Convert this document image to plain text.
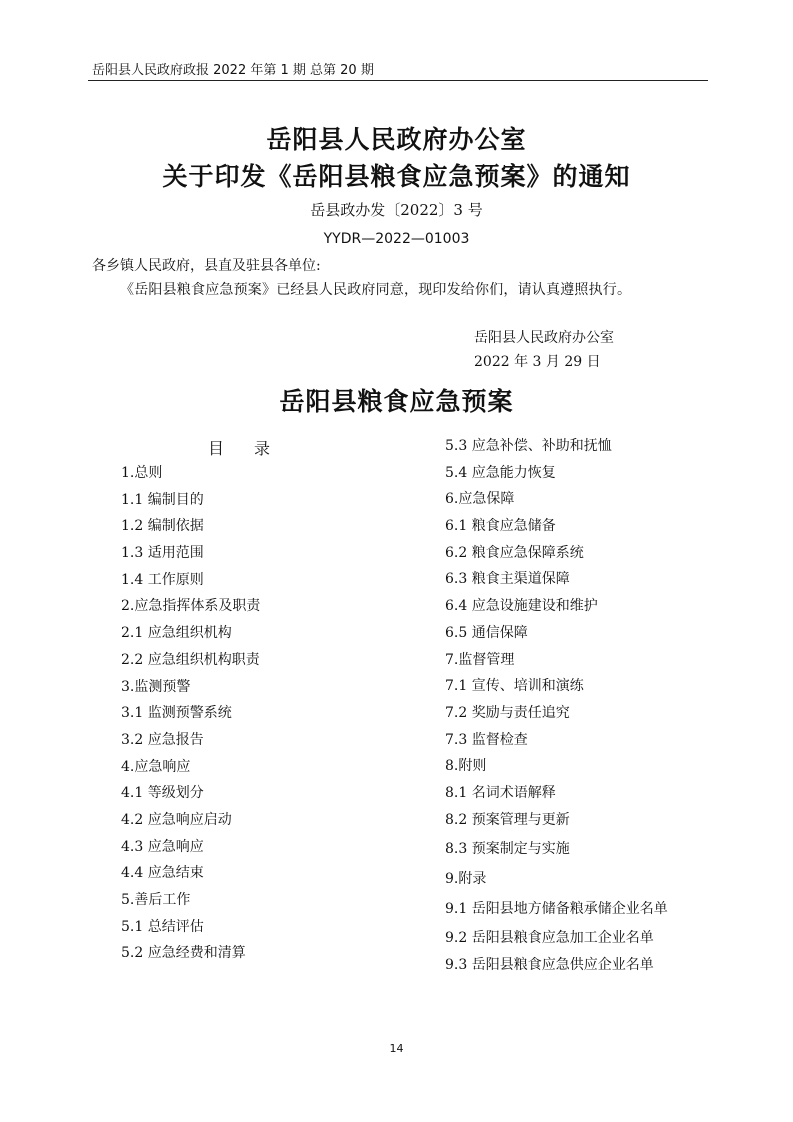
岳阳县人民政府政报 2022 年第 1 期 总第 20 期
岳阳县人民政府办公室
关于印发《岳阳县粮食应急预案》的通知
岳县政办发〔2022〕3 号
YYDR—2022—01003
各乡镇人民政府，县直及驻县各单位:
《岳阳县粮食应急预案》已经县人民政府同意，现印发给你们，请认真遵照执行。
岳阳县人民政府办公室
2022 年 3 月 29 日
岳阳县粮食应急预案
目录
1.总则
1.1 编制目的
1.2 编制依据
1.3 适用范围
1.4 工作原则
2.应急指挥体系及职责
2.1 应急组织机构
2.2 应急组织机构职责
3.监测预警
3.1 监测预警系统
3.2 应急报告
4.应急响应
4.1 等级划分
4.2 应急响应启动
4.3 应急响应
4.4 应急结束
5.善后工作
5.1 总结评估
5.2 应急经费和清算
5.3 应急补偿、补助和抚恤
5.4 应急能力恢复
6.应急保障
6.1 粮食应急储备
6.2 粮食应急保障系统
6.3 粮食主渠道保障
6.4 应急设施建设和维护
6.5 通信保障
7.监督管理
7.1 宣传、培训和演练
7.2 奖励与责任追究
7.3 监督检查
8.附则
8.1 名词术语解释
8.2 预案管理与更新
8.3 预案制定与实施
9.附录
9.1 岳阳县地方储备粮承储企业名单
9.2 岳阳县粮食应急加工企业名单
9.3 岳阳县粮食应急供应企业名单
14
